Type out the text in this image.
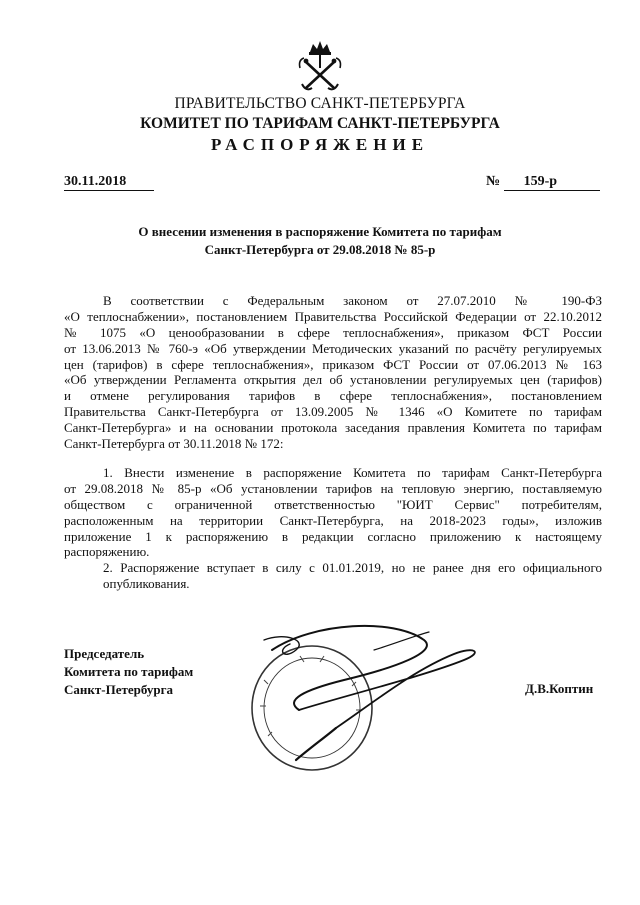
ПРАВИТЕЛЬСТВО САНКТ-ПЕТЕРБУРГА
КОМИТЕТ ПО ТАРИФАМ САНКТ-ПЕТЕРБУРГА
РАСПОРЯЖЕНИЕ
30.11.2018	№ 159-р
О внесении изменения в распоряжение Комитета по тарифам
Санкт-Петербурга от 29.08.2018 № 85-р
В соответствии с Федеральным законом от 27.07.2010 № 190-ФЗ
«О теплоснабжении», постановлением Правительства Российской Федерации от 22.10.2012
№ 1075 «О ценообразовании в сфере теплоснабжения», приказом ФСТ России
от 13.06.2013 № 760-э «Об утверждении Методических указаний по расчёту регулируемых
цен (тарифов) в сфере теплоснабжения», приказом ФСТ России от 07.06.2013 № 163
«Об утверждении Регламента открытия дел об установлении регулируемых цен (тарифов)
и отмене регулирования тарифов в сфере теплоснабжения», постановлением
Правительства Санкт-Петербурга от 13.09.2005 № 1346 «О Комитете по тарифам
Санкт-Петербурга» и на основании протокола заседания правления Комитета по тарифам
Санкт-Петербурга от 30.11.2018 № 172:
1. Внести изменение в распоряжение Комитета по тарифам Санкт-Петербурга
от 29.08.2018 № 85-р «Об установлении тарифов на тепловую энергию, поставляемую
обществом с ограниченной ответственностью "ЮИТ Сервис" потребителям,
расположенным на территории Санкт-Петербурга, на 2018-2023 годы», изложив
приложение 1 к распоряжению в редакции согласно приложению к настоящему
распоряжению.
2. Распоряжение вступает в силу с 01.01.2019, но не ранее дня его официального
опубликования.
Председатель
Комитета по тарифам
Санкт-Петербурга	Д.В.Коптин
